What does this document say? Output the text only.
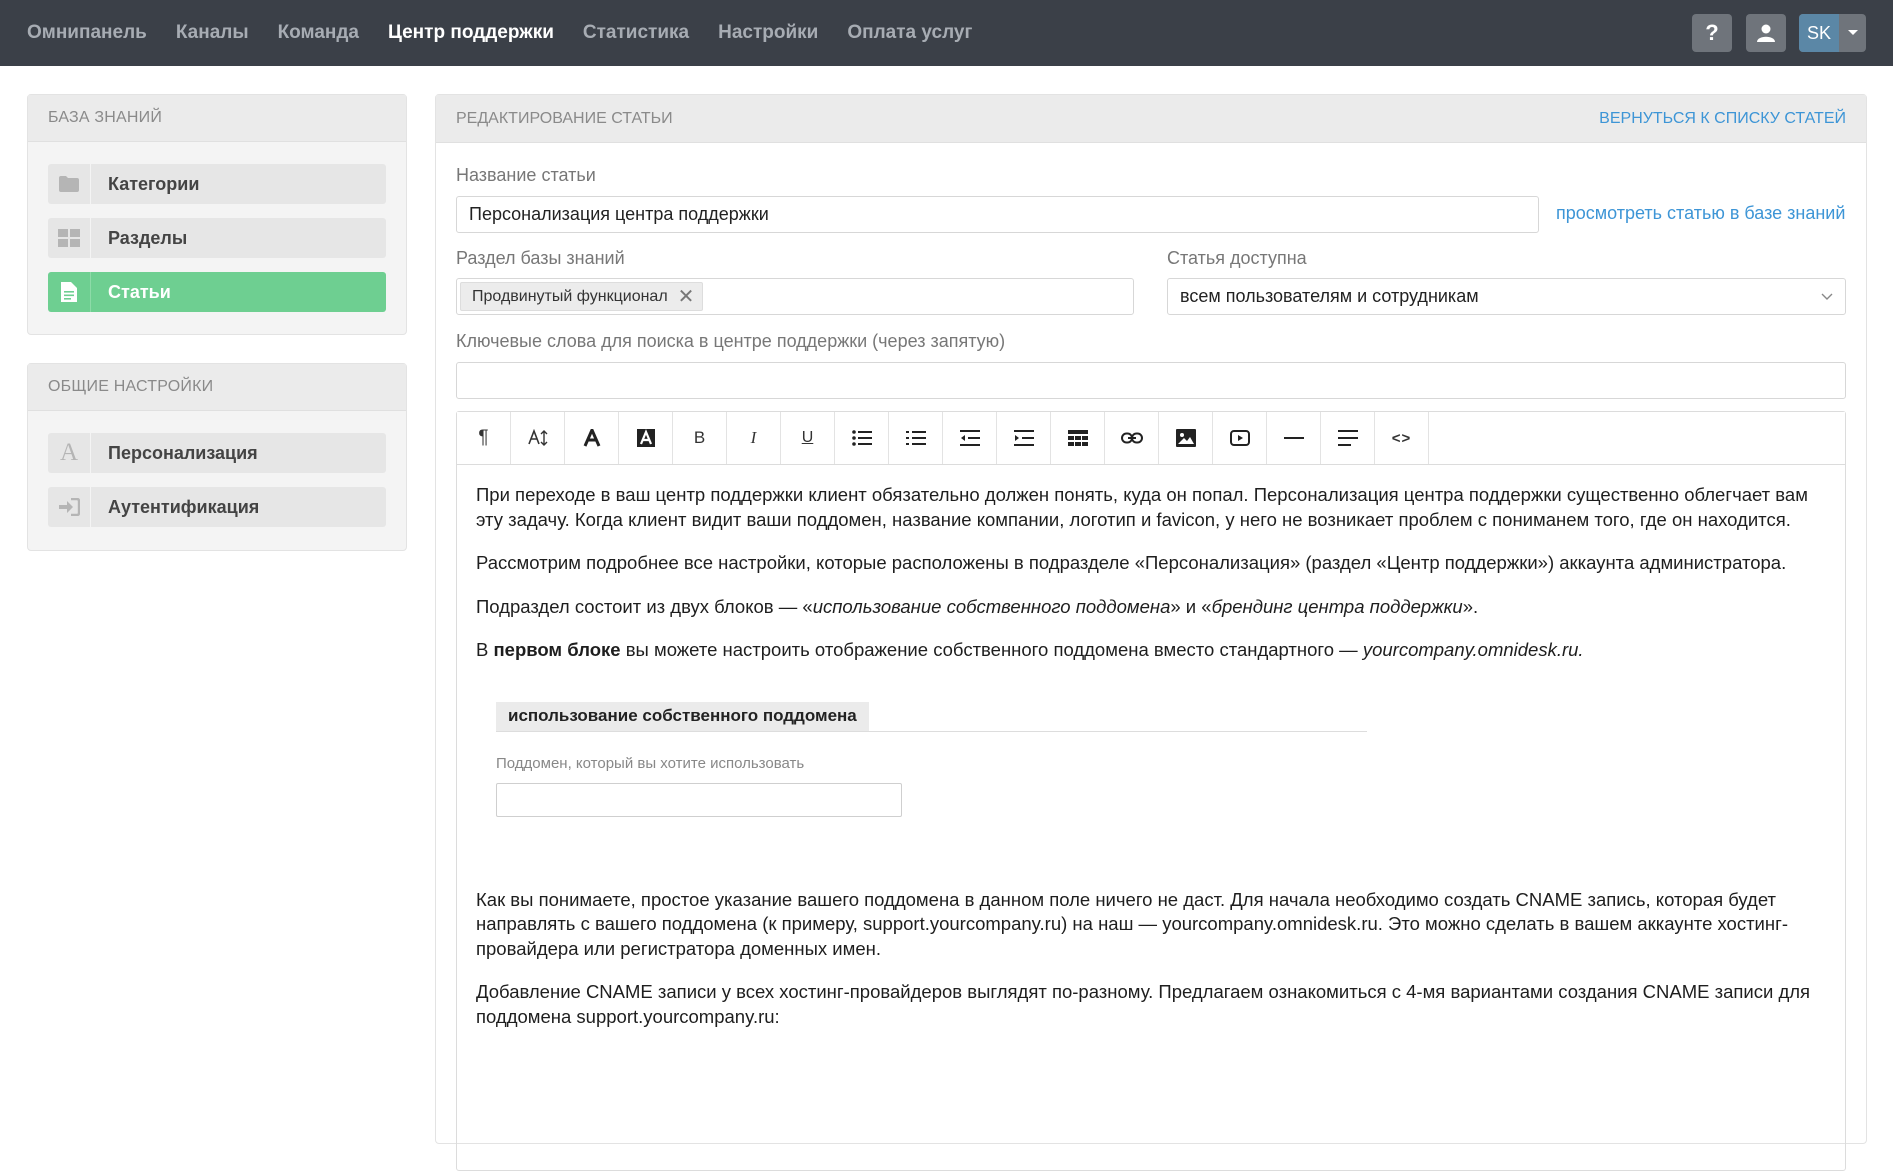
Омнипанель Каналы Команда Центр поддержки Статистика Настройки Оплата услуг	?	SK
БАЗА ЗНАНИЙ
Категории
Разделы
Статьи
ОБЩИЕ НАСТРОЙКИ
A	Персонализация
Аутентификация
РЕДАКТИРОВАНИЕ СТАТЬИ	ВЕРНУТЬСЯ К СПИСКУ СТАТЕЙ
Название статьи
Персонализация центра поддержки	просмотреть статью в базе знаний
Раздел базы знаний
Продвинутый функционал ✕
Статья доступна
всем пользователям и сотрудникам
Ключевые слова для поиска в центре поддержки (через запятую)
¶	B	I	U	<>

При переходе в ваш центр поддержки клиент обязательно должен понять, куда он попал. Персонализация центра поддержки существенно облегчает вам эту задачу. Когда клиент видит ваши поддомен, название компании, логотип и favicon, у него не возникает проблем с пониманем того, где он находится.

Рассмотрим подробнее все настройки, которые расположены в подразделе «Персонализация» (раздел «Центр поддержки») аккаунта администратора.

Подраздел состоит из двух блоков — «использование собственного поддомена» и «брендинг центра поддержки».

В первом блоке вы можете настроить отображение собственного поддомена вместо стандартного — yourcompany.omnidesk.ru.

использование собственного поддомена
Поддомен, который вы хотите использовать

Как вы понимаете, простое указание вашего поддомена в данном поле ничего не даст. Для начала необходимо создать CNAME запись, которая будет направлять с вашего поддомена (к примеру, support.yourcompany.ru) на наш — yourcompany.omnidesk.ru. Это можно сделать в вашем аккаунте хостинг-провайдера или регистратора доменных имен.

Добавление CNAME записи у всех хостинг-провайдеров выглядят по-разному. Предлагаем ознакомиться с 4-мя вариантами создания CNAME записи для поддомена support.yourcompany.ru:
